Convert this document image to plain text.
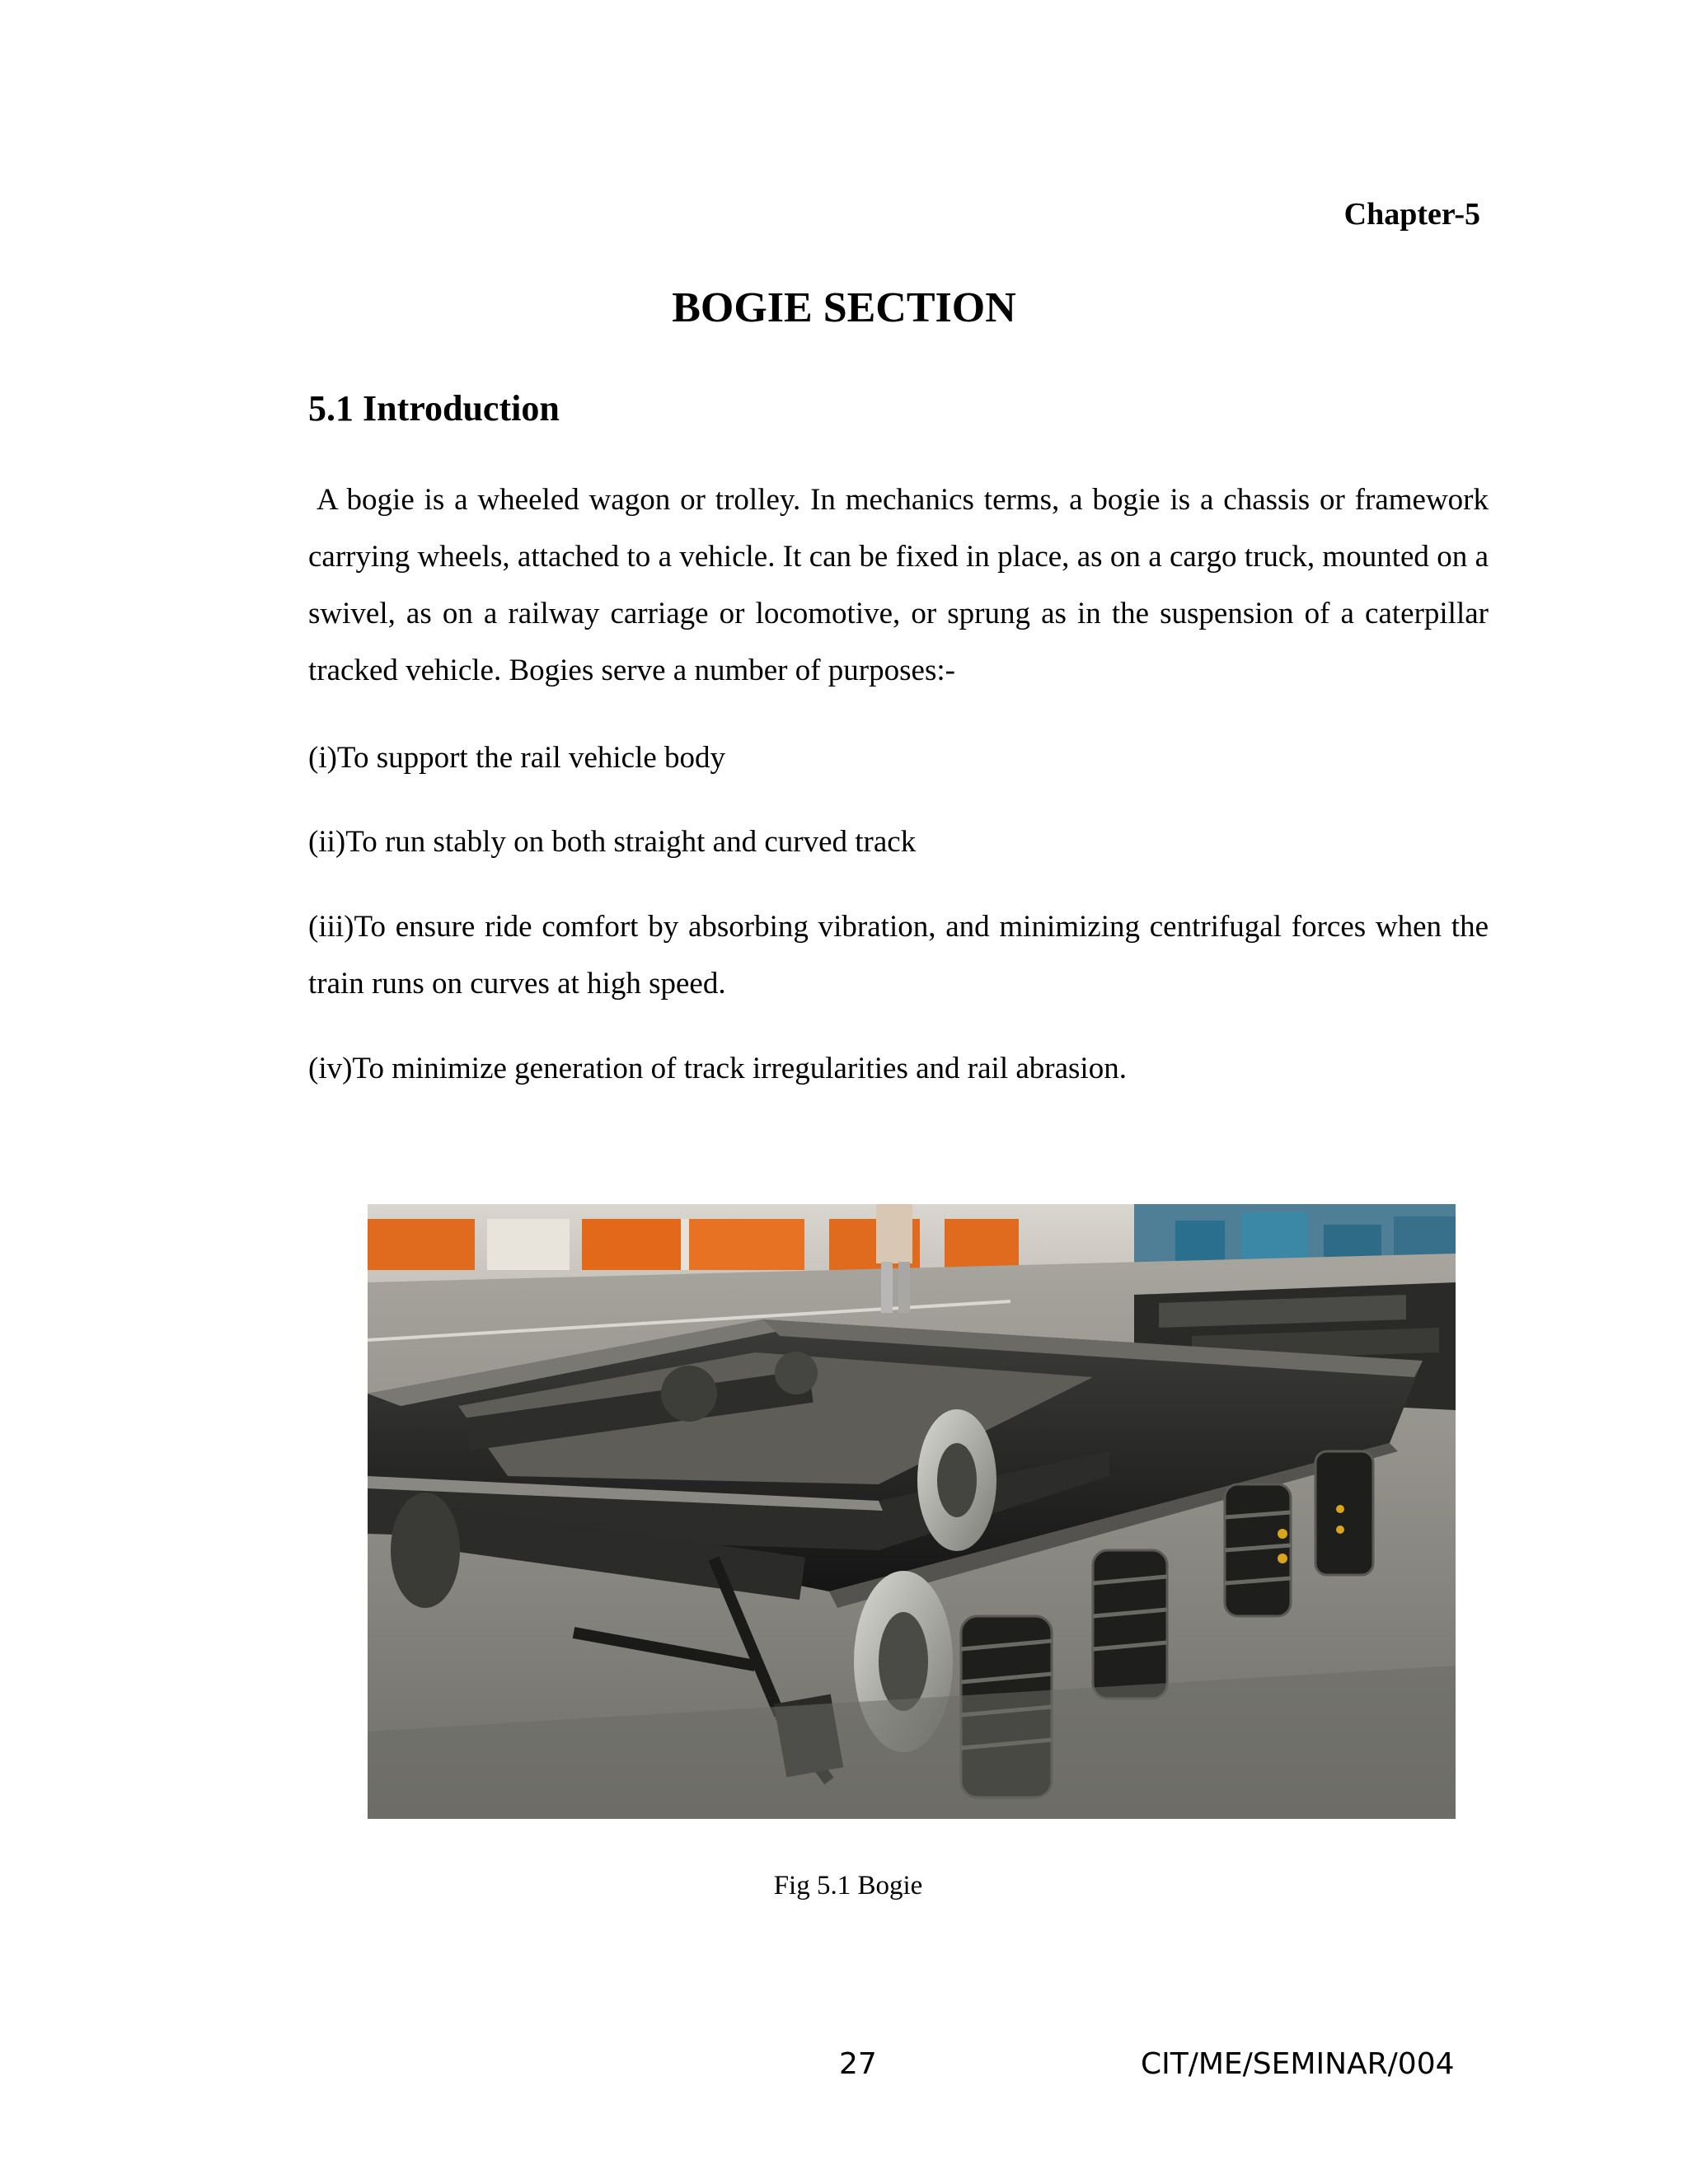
Chapter-5
BOGIE SECTION
5.1 Introduction

A bogie is a wheeled wagon or trolley. In mechanics terms, a bogie is a chassis or framework carrying wheels, attached to a vehicle. It can be fixed in place, as on a cargo truck, mounted on a swivel, as on a railway carriage or locomotive, or sprung as in the suspension of a caterpillar tracked vehicle. Bogies serve a number of purposes:-

(i)To support the rail vehicle body

(ii)To run stably on both straight and curved track

(iii)To ensure ride comfort by absorbing vibration, and minimizing centrifugal forces when the train runs on curves at high speed.

(iv)To minimize generation of track irregularities and rail abrasion.

Fig 5.1 Bogie
27	CIT/ME/SEMINAR/004
